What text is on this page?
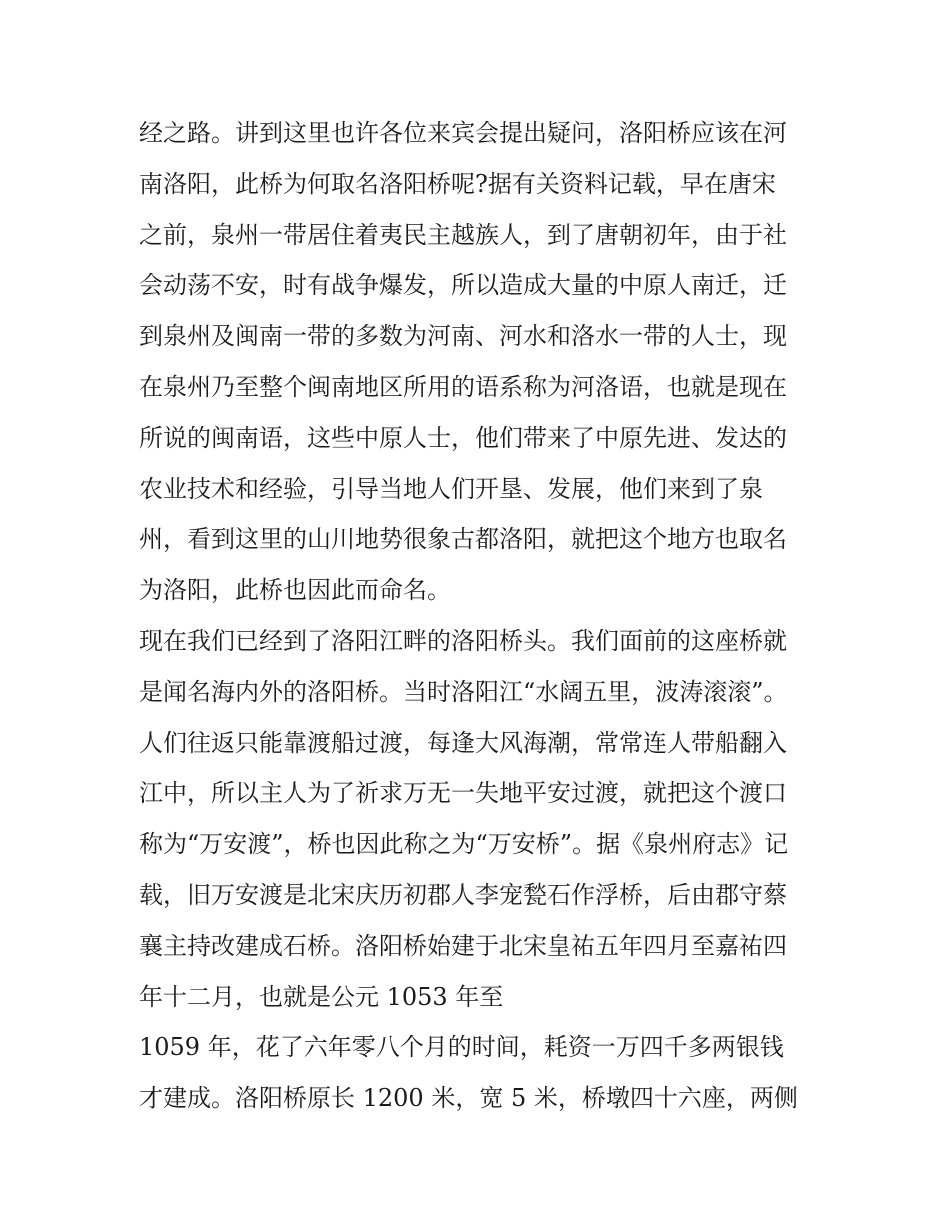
经之路。讲到这里也许各位来宾会提出疑问，洛阳桥应该在河
南洛阳，此桥为何取名洛阳桥呢?据有关资料记载，早在唐宋
之前，泉州一带居住着夷民主越族人，到了唐朝初年，由于社
会动荡不安，时有战争爆发，所以造成大量的中原人南迁，迁
到泉州及闽南一带的多数为河南、河水和洛水一带的人士，现
在泉州乃至整个闽南地区所用的语系称为河洛语，也就是现在
所说的闽南语，这些中原人士，他们带来了中原先进、发达的
农业技术和经验，引导当地人们开垦、发展，他们来到了泉
州，看到这里的山川地势很象古都洛阳，就把这个地方也取名
为洛阳，此桥也因此而命名。
现在我们已经到了洛阳江畔的洛阳桥头。我们面前的这座桥就
是闻名海内外的洛阳桥。当时洛阳江“水阔五里，波涛滚滚”。
人们往返只能靠渡船过渡，每逢大风海潮，常常连人带船翻入
江中，所以主人为了祈求万无一失地平安过渡，就把这个渡口
称为“万安渡”，桥也因此称之为“万安桥”。据《泉州府志》记
载，旧万安渡是北宋庆历初郡人李宠甃石作浮桥，后由郡守蔡
襄主持改建成石桥。洛阳桥始建于北宋皇祐五年四月至嘉祐四
年十二月，也就是公元 1053 年至
1059 年，花了六年零八个月的时间，耗资一万四千多两银钱
才建成。洛阳桥原长 1200 米，宽 5 米，桥墩四十六座，两侧
